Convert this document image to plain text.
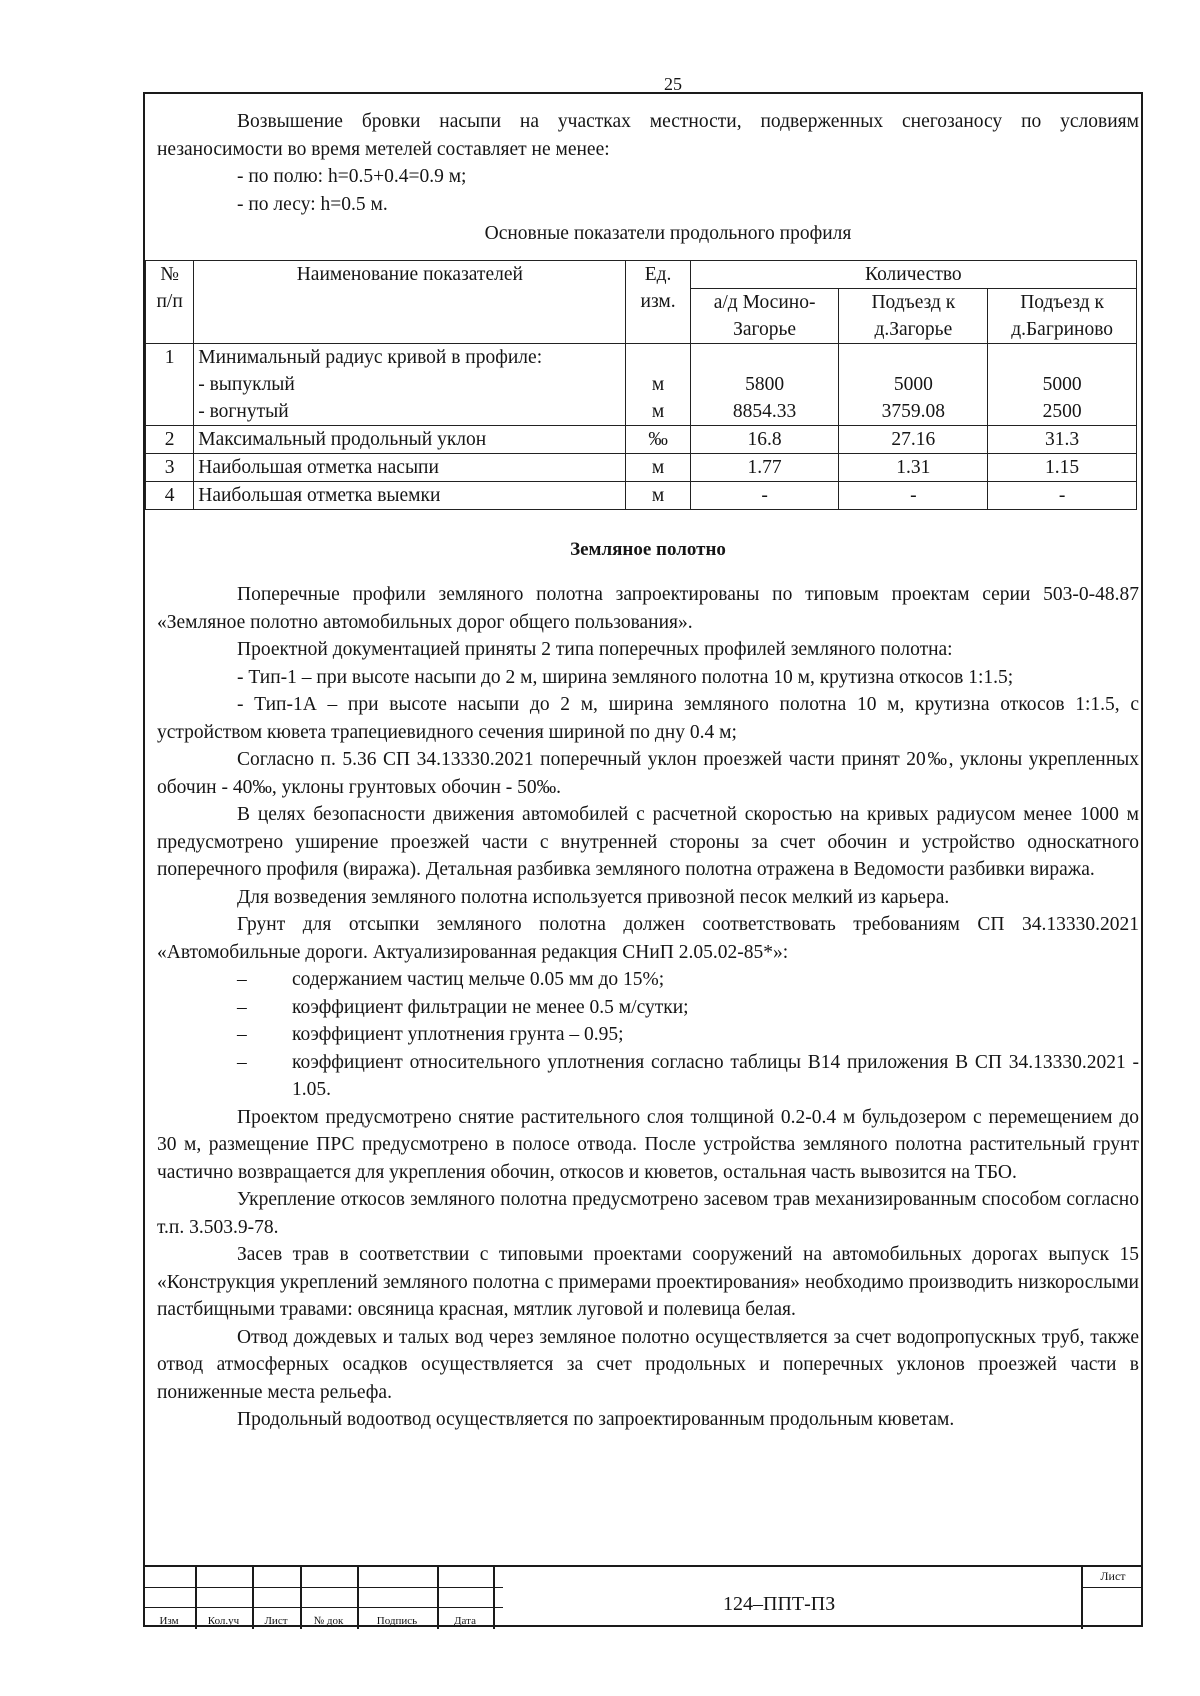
25

Возвышение бровки насыпи на участках местности, подверженных снегозаносу по условиям незаносимости во время метелей составляет не менее:

- по полю: h=0.5+0.4=0.9 м;

- по лесу: h=0.5 м.

Основные показатели продольного профиля

№ п/п	Наименование показателей	Ед. изм.	Количество		
			а/д Мосино-Загорье	Подъезд к д.Загорье	Подъезд к д.Багриново
1	Минимальный радиус кривой в профиле:				
	- выпуклый	м	5800	5000	5000
	- вогнутый	м	8854.33	3759.08	2500
2	Максимальный продольный уклон	‰	16.8	27.16	31.3
3	Наибольшая отметка насыпи	м	1.77	1.31	1.15
4	Наибольшая отметка выемки	м	-	-	-

Земляное полотно

Поперечные профили земляного полотна запроектированы по типовым проектам серии 503-0-48.87 «Земляное полотно автомобильных дорог общего пользования».

Проектной документацией приняты 2 типа поперечных профилей земляного полотна:

- Тип-1 – при высоте насыпи до 2 м, ширина земляного полотна 10 м, крутизна откосов 1:1.5;

- Тип-1А – при высоте насыпи до 2 м, ширина земляного полотна 10 м, крутизна откосов 1:1.5, с устройством кювета трапециевидного сечения шириной по дну 0.4 м;

Согласно п. 5.36 СП 34.13330.2021 поперечный уклон проезжей части принят 20‰, уклоны укрепленных обочин - 40‰, уклоны грунтовых обочин - 50‰.

В целях безопасности движения автомобилей с расчетной скоростью на кривых радиусом менее 1000 м предусмотрено уширение проезжей части с внутренней стороны за счет обочин и устройство односкатного поперечного профиля (виража). Детальная разбивка земляного полотна отражена в Ведомости разбивки виража.

Для возведения земляного полотна используется привозной песок мелкий из карьера.

Грунт для отсыпки земляного полотна должен соответствовать требованиям СП 34.13330.2021 «Автомобильные дороги. Актуализированная редакция СНиП 2.05.02-85*»:

–	содержанием частиц мельче 0.05 мм до 15%;
–	коэффициент фильтрации не менее 0.5 м/сутки;
–	коэффициент уплотнения грунта – 0.95;
–	коэффициент относительного уплотнения согласно таблицы В14 приложения В СП 34.13330.2021 - 1.05.

Проектом предусмотрено снятие растительного слоя толщиной 0.2-0.4 м бульдозером с перемещением до 30 м, размещение ПРС предусмотрено в полосе отвода. После устройства земляного полотна растительный грунт частично возвращается для укрепления обочин, откосов и кюветов, остальная часть вывозится на ТБО.

Укрепление откосов земляного полотна предусмотрено засевом трав механизированным способом согласно т.п. 3.503.9-78.

Засев трав в соответствии с типовыми проектами сооружений на автомобильных дорогах выпуск 15 «Конструкция укреплений земляного полотна с примерами проектирования» необходимо производить низкорослыми пастбищными травами: овсяница красная, мятлик луговой и полевица белая.

Отвод дождевых и талых вод через земляное полотно осуществляется за счет водопропускных труб, также отвод атмосферных осадков осуществляется за счет продольных и поперечных уклонов проезжей части в пониженные места рельефа.

Продольный водоотвод осуществляется по запроектированным продольным кюветам.

Изм	Кол.уч	Лист	№ док	Подпись	Дата
124–ППТ-ПЗ
Лист
